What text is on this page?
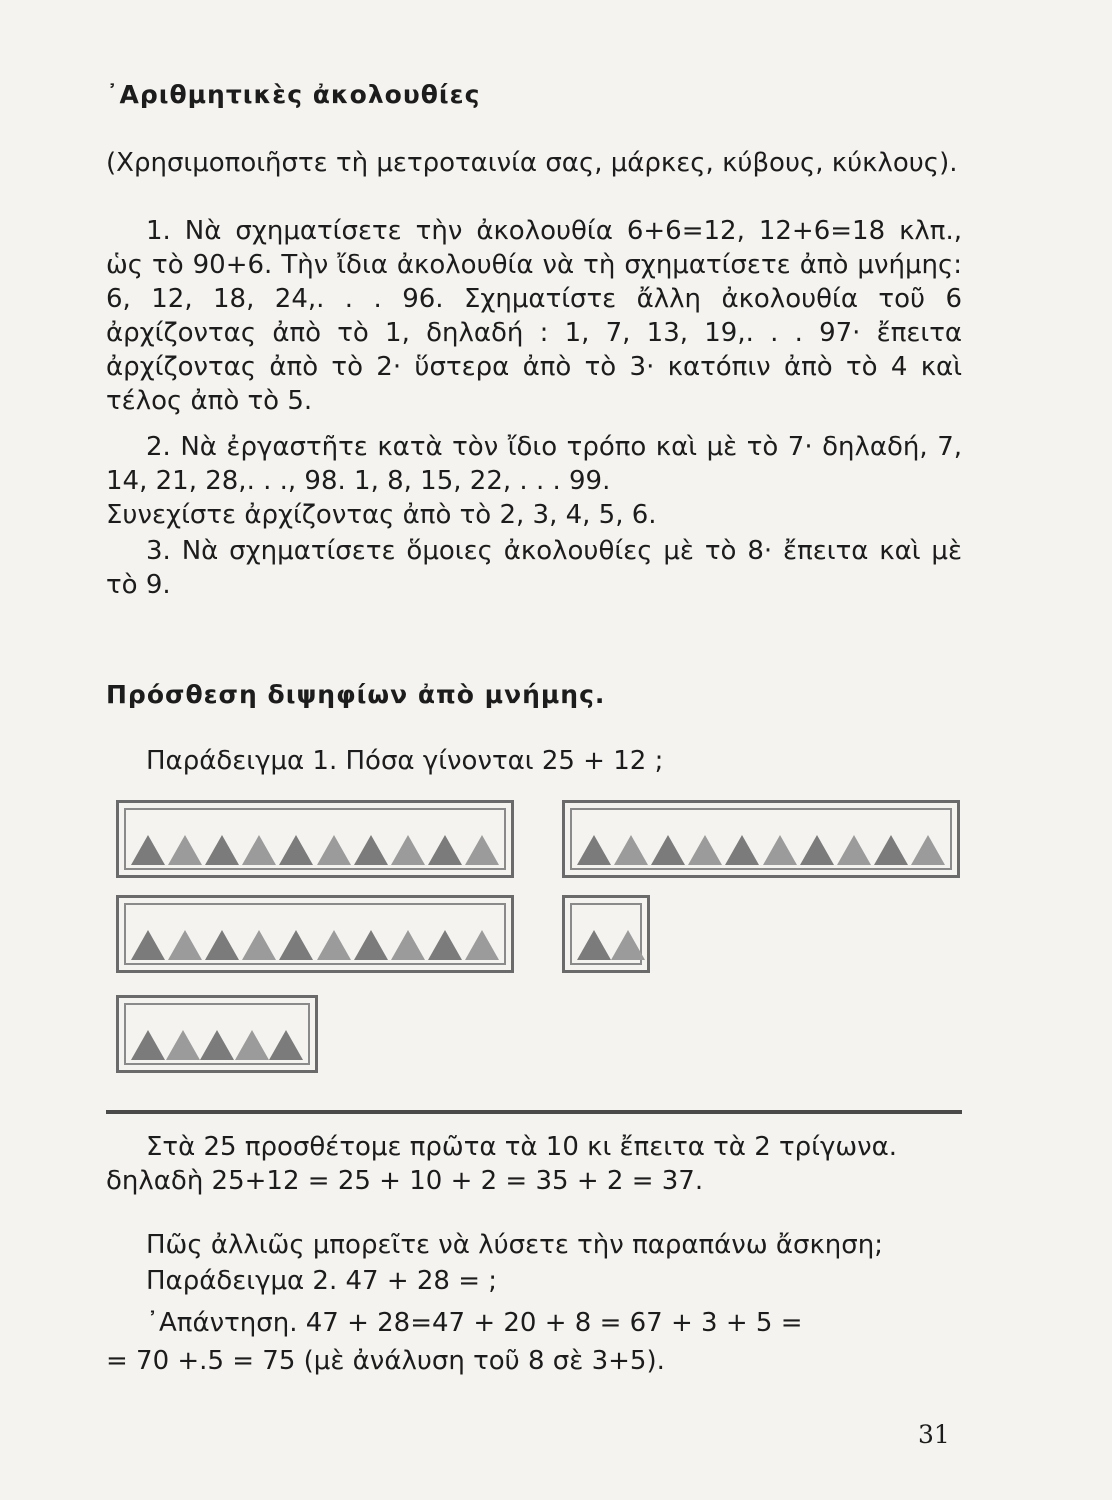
᾿Αριθμητικὲς ἀκολουθίες

(Χρησιμοποιῆστε τὴ μετροταινία σας, μάρκες, κύβους, κύκλους).

1. Νὰ σχηματίσετε τὴν ἀκολουθία 6+6=12, 12+6=18 κλπ., ὡς τὸ 90+6. Τὴν ἴδια ἀκολουθία νὰ τὴ σχηματίσετε ἀπὸ μνήμης: 6, 12, 18, 24,. . . 96. Σχηματίστε ἄλλη ἀκολουθία τοῦ 6 ἀρχίζοντας ἀπὸ τὸ 1, δηλαδή : 1, 7, 13, 19,. . . 97· ἔπειτα ἀρχίζοντας ἀπὸ τὸ 2· ὕστερα ἀπὸ τὸ 3· κατόπιν ἀπὸ τὸ 4 καὶ τέλος ἀπὸ τὸ 5.

2. Νὰ ἐργαστῆτε κατὰ τὸν ἴδιο τρόπο καὶ μὲ τὸ 7· δηλαδή, 7, 14, 21, 28,. . ., 98. 1, 8, 15, 22, . . . 99.

Συνεχίστε ἀρχίζοντας ἀπὸ τὸ 2, 3, 4, 5, 6.

3. Νὰ σχηματίσετε ὅμοιες ἀκολουθίες μὲ τὸ 8· ἔπειτα καὶ μὲ τὸ 9.

Πρόσθεση διψηφίων ἀπὸ μνήμης.

Παράδειγμα 1. Πόσα γίνονται 25 + 12 ;

Στὰ 25 προσθέτομε πρῶτα τὰ 10 κι ἔπειτα τὰ 2 τρίγωνα.

δηλαδὴ 25+12 = 25 + 10 + 2 = 35 + 2 = 37.

Πῶς ἀλλιῶς μπορεῖτε νὰ λύσετε τὴν παραπάνω ἄσκηση;

Παράδειγμα 2. 47 + 28 = ;

᾿Απάντηση. 47 + 28=47 + 20 + 8 = 67 + 3 + 5 =

= 70 +.5 = 75 (μὲ ἀνάλυση τοῦ 8 σὲ 3+5).

31
